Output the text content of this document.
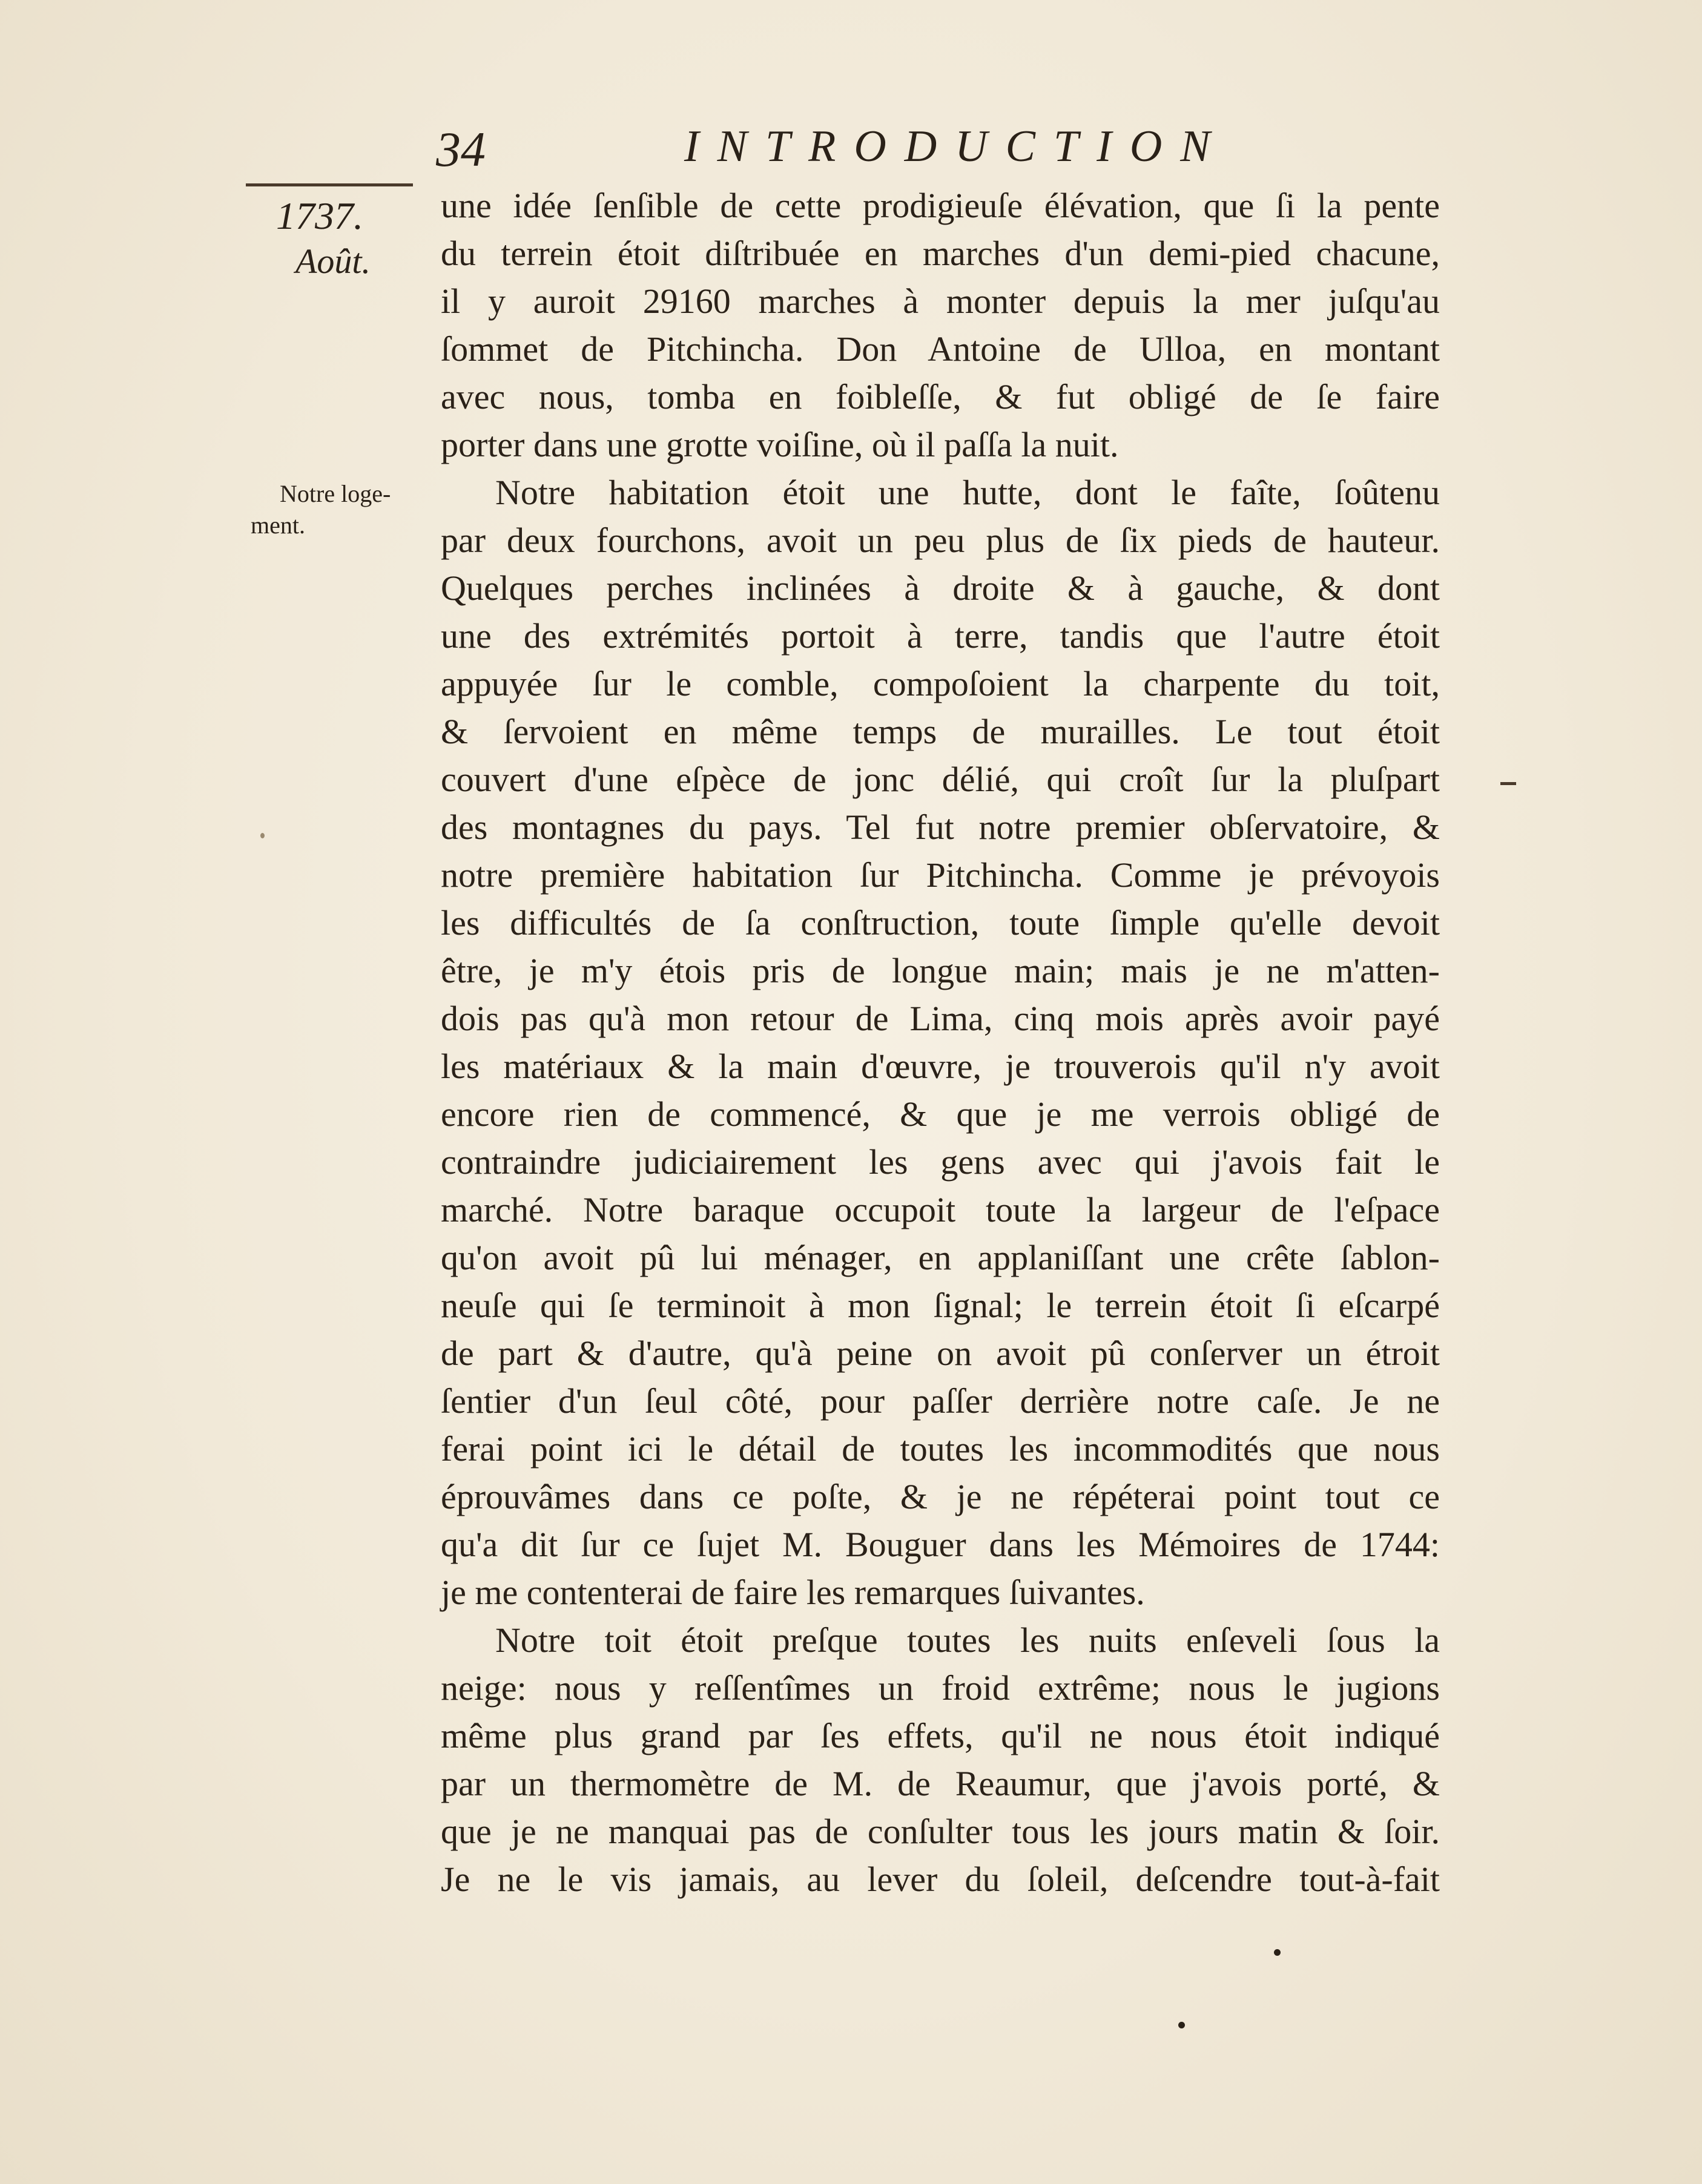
34	INTRODUCTION
1737.
Août.
Notre loge-
ment.
une idée ſenſible de cette prodigieuſe élévation, que ſi la pente
du terrein étoit diſtribuée en marches d'un demi-pied chacune,
il y auroit 29160 marches à monter depuis la mer juſqu'au
ſommet de Pitchincha. Don Antoine de Ulloa, en montant
avec nous, tomba en foibleſſe, & fut obligé de ſe faire
porter dans une grotte voiſine, où il paſſa la nuit.
Notre habitation étoit une hutte, dont le faîte, ſoûtenu
par deux fourchons, avoit un peu plus de ſix pieds de hauteur.
Quelques perches inclinées à droite & à gauche, & dont
une des extrémités portoit à terre, tandis que l'autre étoit
appuyée ſur le comble, compoſoient la charpente du toit,
& ſervoient en même temps de murailles. Le tout étoit
couvert d'une eſpèce de jonc délié, qui croît ſur la pluſpart
des montagnes du pays. Tel fut notre premier obſervatoire, &
notre première habitation ſur Pitchincha. Comme je prévoyois
les difficultés de ſa conſtruction, toute ſimple qu'elle devoit
être, je m'y étois pris de longue main; mais je ne m'atten-
dois pas qu'à mon retour de Lima, cinq mois après avoir payé
les matériaux & la main d'œuvre, je trouverois qu'il n'y avoit
encore rien de commencé, & que je me verrois obligé de
contraindre judiciairement les gens avec qui j'avois fait le
marché. Notre baraque occupoit toute la largeur de l'eſpace
qu'on avoit pû lui ménager, en applaniſſant une crête ſablon-
neuſe qui ſe terminoit à mon ſignal; le terrein étoit ſi eſcarpé
de part & d'autre, qu'à peine on avoit pû conſerver un étroit
ſentier d'un ſeul côté, pour paſſer derrière notre caſe. Je ne
ferai point ici le détail de toutes les incommodités que nous
éprouvâmes dans ce poſte, & je ne répéterai point tout ce
qu'a dit ſur ce ſujet M. Bouguer dans les Mémoires de 1744:
je me contenterai de faire les remarques ſuivantes.
Notre toit étoit preſque toutes les nuits enſeveli ſous la
neige: nous y reſſentîmes un froid extrême; nous le jugions
même plus grand par ſes effets, qu'il ne nous étoit indiqué
par un thermomètre de M. de Reaumur, que j'avois porté, &
que je ne manquai pas de conſulter tous les jours matin & ſoir.
Je ne le vis jamais, au lever du ſoleil, deſcendre tout-à-fait
